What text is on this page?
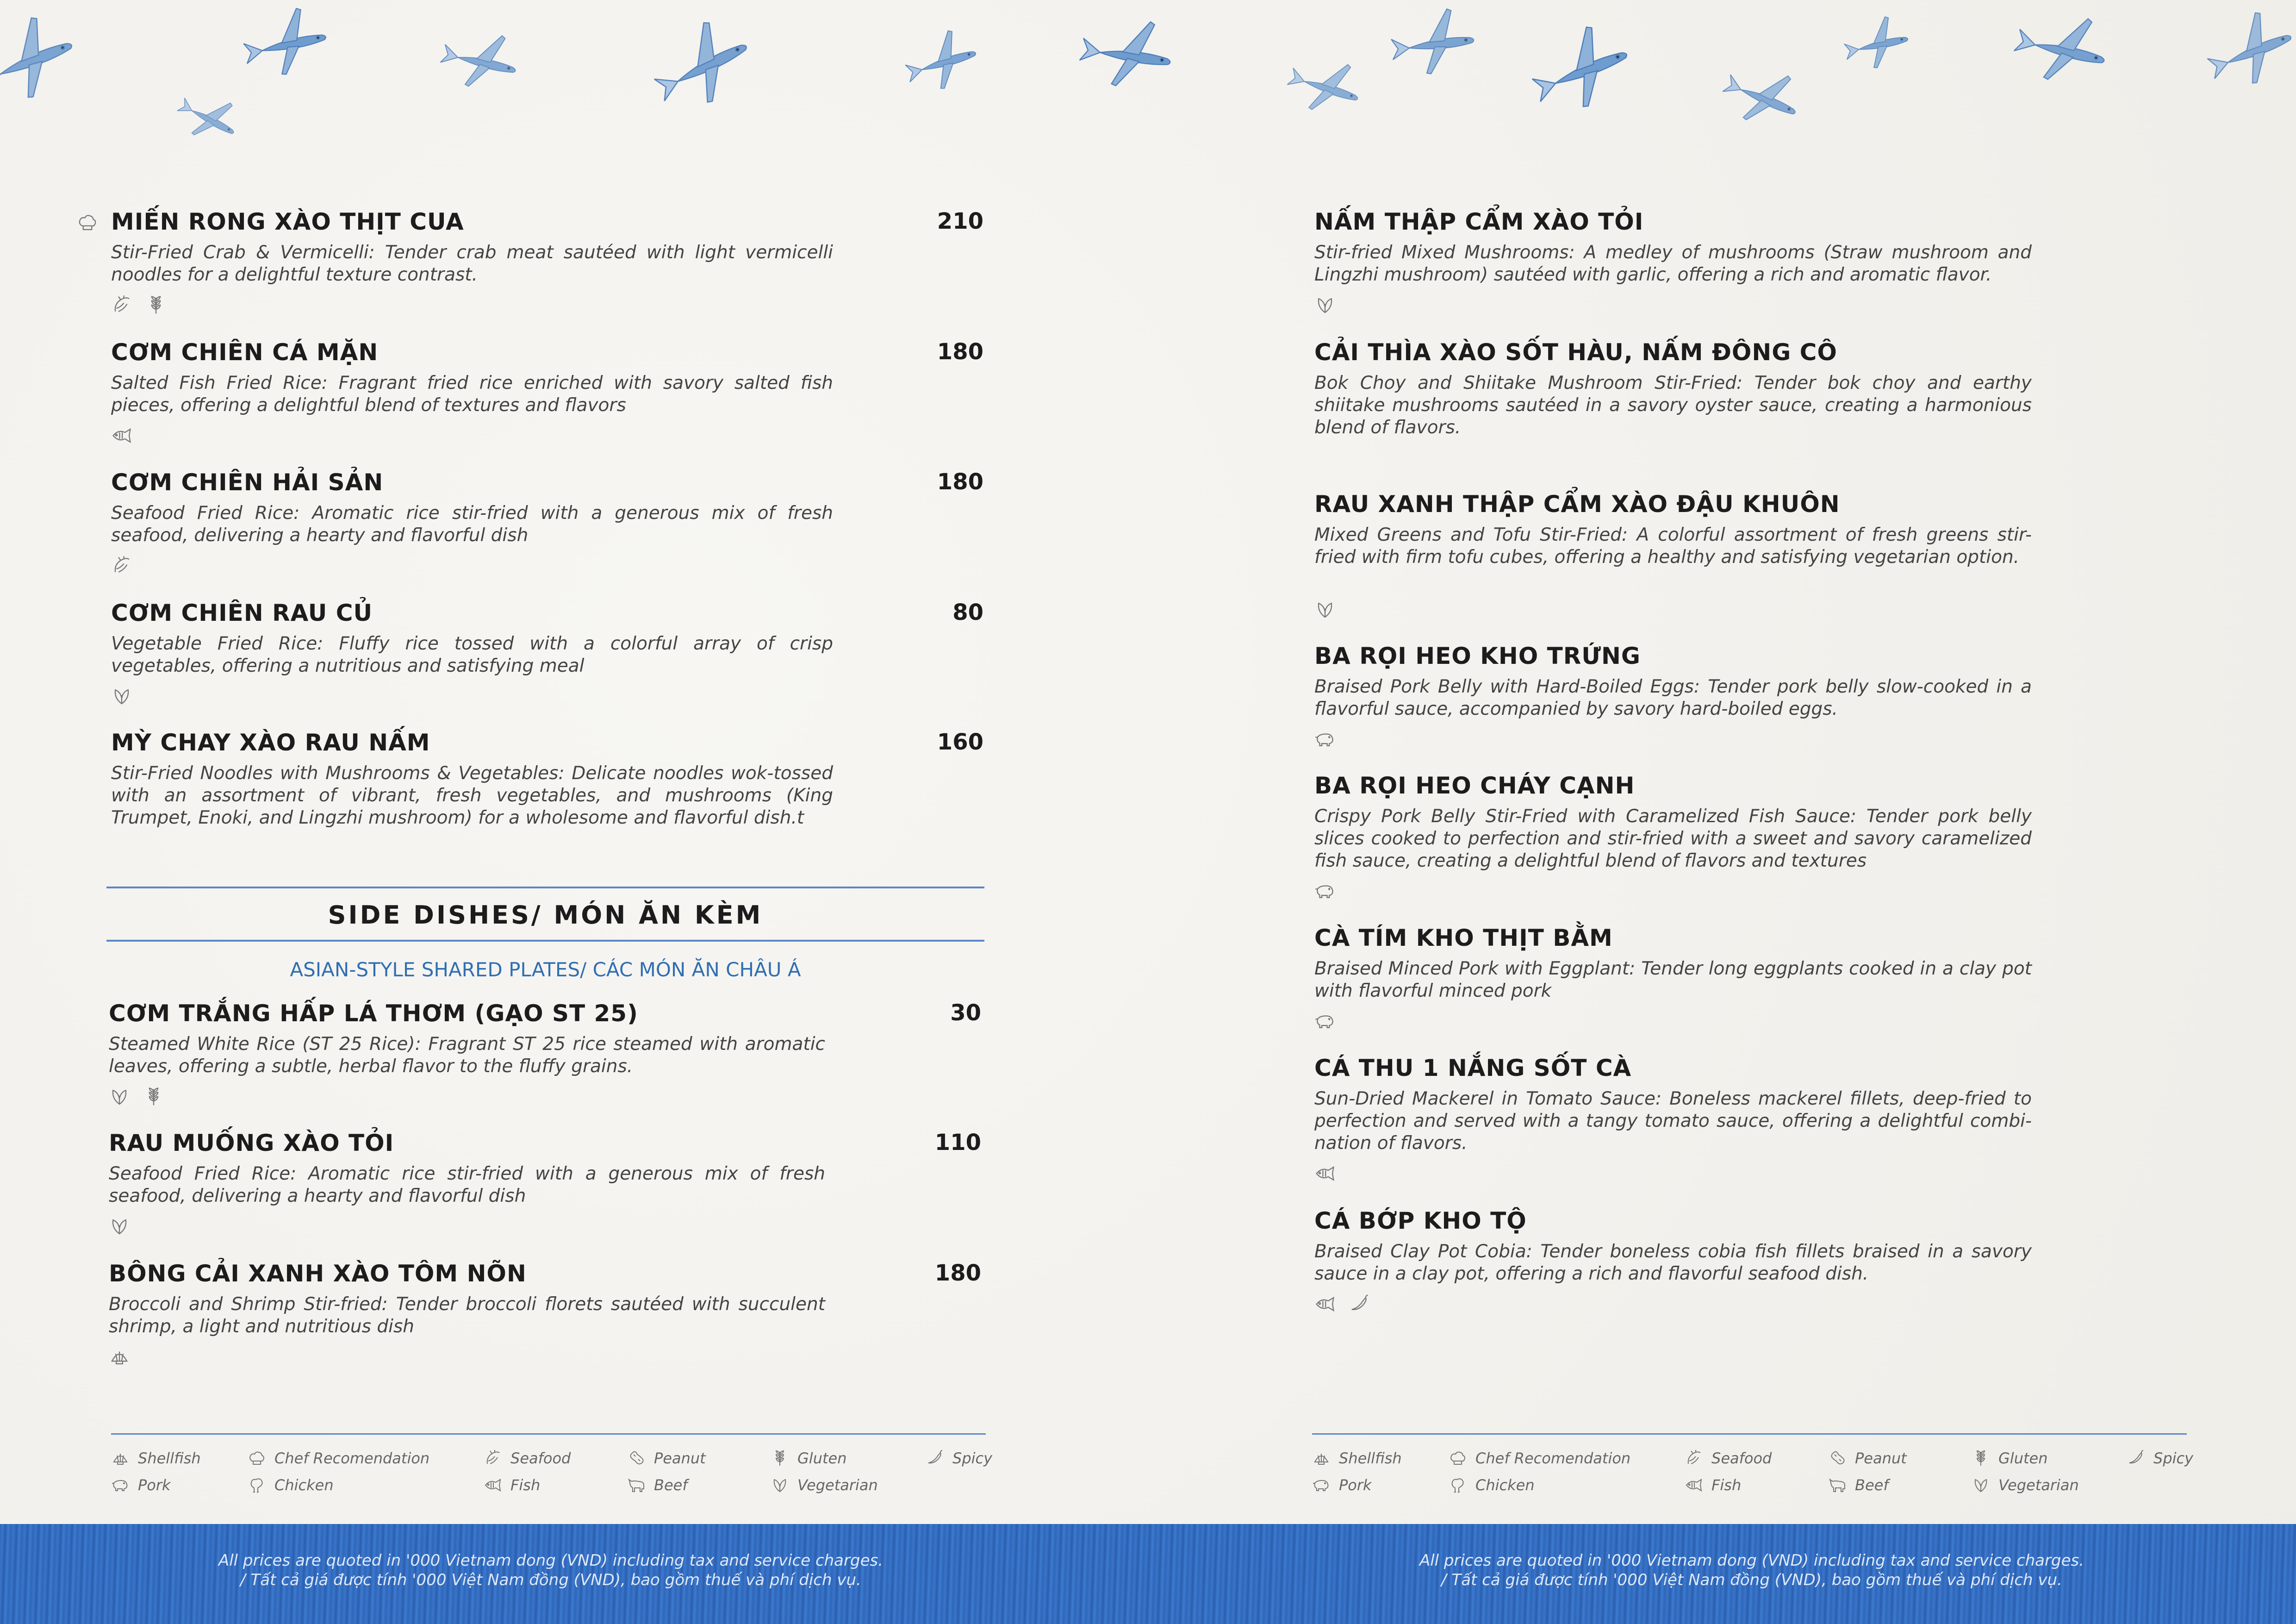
MIẾN RONG XÀO THỊT CUA	210
Stir-Fried Crab & Vermicelli: Tender crab meat sautéed with light vermicelli noodles for a delightful texture contrast.
CƠM CHIÊN CÁ MẶN	180
Salted Fish Fried Rice: Fragrant fried rice enriched with savory salted fish pieces, offering a delightful blend of textures and flavors
CƠM CHIÊN HẢI SẢN	180
Seafood Fried Rice: Aromatic rice stir-fried with a generous mix of fresh seafood, delivering a hearty and flavorful dish
CƠM CHIÊN RAU CỦ	80
Vegetable Fried Rice: Fluffy rice tossed with a colorful array of crisp vegetables, offering a nutritious and satisfying meal
MỲ CHAY XÀO RAU NẤM	160
Stir-Fried Noodles with Mushrooms & Vegetables: Delicate noodles wok-tossed with an assortment of vibrant, fresh vegetables, and mushrooms (King Trumpet, Enoki, and Lingzhi mushroom) for a wholesome and flavorful dish.t
CƠM TRẮNG HẤP LÁ THƠM (GẠO ST 25)	30
Steamed White Rice (ST 25 Rice): Fragrant ST 25 rice steamed with aromatic leaves, offering a subtle, herbal flavor to the fluffy grains.
RAU MUỐNG XÀO TỎI	110
Seafood Fried Rice: Aromatic rice stir-fried with a generous mix of fresh seafood, delivering a hearty and flavorful dish
BÔNG CẢI XANH XÀO TÔM NÕN	180
Broccoli and Shrimp Stir-fried: Tender broccoli florets sautéed with succulent shrimp, a light and nutritious dish
SIDE DISHES/ MÓN ĂN KÈM
ASIAN-STYLE SHARED PLATES/ CÁC MÓN ĂN CHÂU Á
NẤM THẬP CẨM XÀO TỎI
Stir-fried Mixed Mushrooms: A medley of mushrooms (Straw mushroom and Lingzhi mushroom) sautéed with garlic, offering a rich and aromatic flavor.
CẢI THÌA XÀO SỐT HÀU, NẤM ĐÔNG CÔ
Bok Choy and Shiitake Mushroom Stir-Fried: Tender bok choy and earthy shiitake mushrooms sautéed in a savory oyster sauce, creating a harmonious blend of flavors.
RAU XANH THẬP CẨM XÀO ĐẬU KHUÔN
Mixed Greens and Tofu Stir-Fried: A colorful assortment of fresh greens stir-fried with firm tofu cubes, offering a healthy and satisfying vegetarian option.
BA RỌI HEO KHO TRỨNG
Braised Pork Belly with Hard-Boiled Eggs: Tender pork belly slow-cooked in a flavorful sauce, accompanied by savory hard-boiled eggs.
BA RỌI HEO CHÁY CẠNH
Crispy Pork Belly Stir-Fried with Caramelized Fish Sauce: Tender pork belly slices cooked to perfection and stir-fried with a sweet and savory caramelized fish sauce, creating a delightful blend of flavors and textures
CÀ TÍM KHO THỊT BẰM
Braised Minced Pork with Eggplant: Tender long eggplants cooked in a clay pot with flavorful minced pork
CÁ THU 1 NẮNG SỐT CÀ
Sun-Dried Mackerel in Tomato Sauce: Boneless mackerel fillets, deep-fried to perfection and served with a tangy tomato sauce, offering a delightful combi-nation of flavors.
CÁ BỚP KHO TỘ
Braised Clay Pot Cobia: Tender boneless cobia fish fillets braised in a savory sauce in a clay pot, offering a rich and flavorful seafood dish.
Shellfish	Chef Recomendation	Seafood	Peanut	Gluten	Spicy
Pork	Chicken	Fish	Beef	Vegetarian
Shellfish	Chef Recomendation	Seafood	Peanut	Gluten	Spicy
Pork	Chicken	Fish	Beef	Vegetarian
All prices are quoted in '000 Vietnam dong (VND) including tax and service charges.
/ Tất cả giá được tính '000 Việt Nam đồng (VND), bao gồm thuế và phí dịch vụ.
All prices are quoted in '000 Vietnam dong (VND) including tax and service charges.
/ Tất cả giá được tính '000 Việt Nam đồng (VND), bao gồm thuế và phí dịch vụ.
